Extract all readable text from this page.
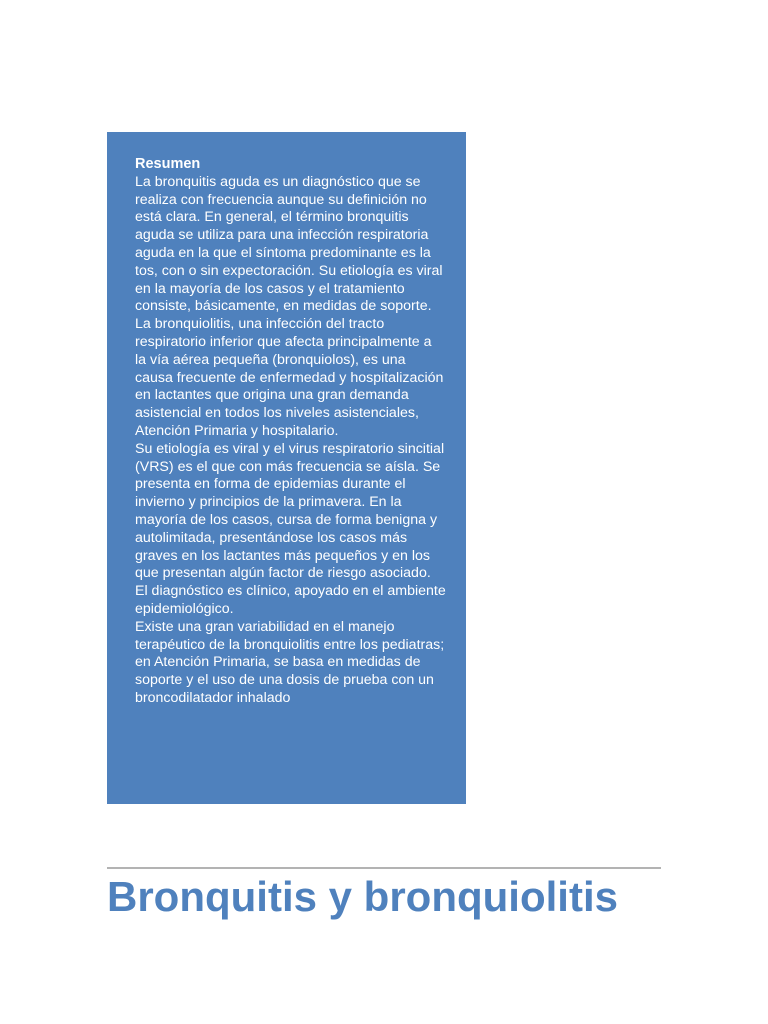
Resumen

La bronquitis aguda es un diagnóstico que se realiza con frecuencia aunque su definición no está clara. En general, el término bronquitis aguda se utiliza para una infección respiratoria aguda en la que el síntoma predominante es la tos, con o sin expectoración. Su etiología es viral en la mayoría de los casos y el tratamiento consiste, básicamente, en medidas de soporte.

La bronquiolitis, una infección del tracto respiratorio inferior que afecta principalmente a la vía aérea pequeña (bronquiolos), es una causa frecuente de enfermedad y hospitalización en lactantes que origina una gran demanda asistencial en todos los niveles asistenciales, Atención Primaria y hospitalario.

Su etiología es viral y el virus respiratorio sincitial (VRS) es el que con más frecuencia se aísla. Se presenta en forma de epidemias durante el invierno y principios de la primavera. En la mayoría de los casos, cursa de forma benigna y autolimitada, presentándose los casos más graves en los lactantes más pequeños y en los que presentan algún factor de riesgo asociado. El diagnóstico es clínico, apoyado en el ambiente epidemiológico.

Existe una gran variabilidad en el manejo terapéutico de la bronquiolitis entre los pediatras; en Atención Primaria, se basa en medidas de soporte y el uso de una dosis de prueba con un broncodilatador inhalado

Bronquitis y bronquiolitis
